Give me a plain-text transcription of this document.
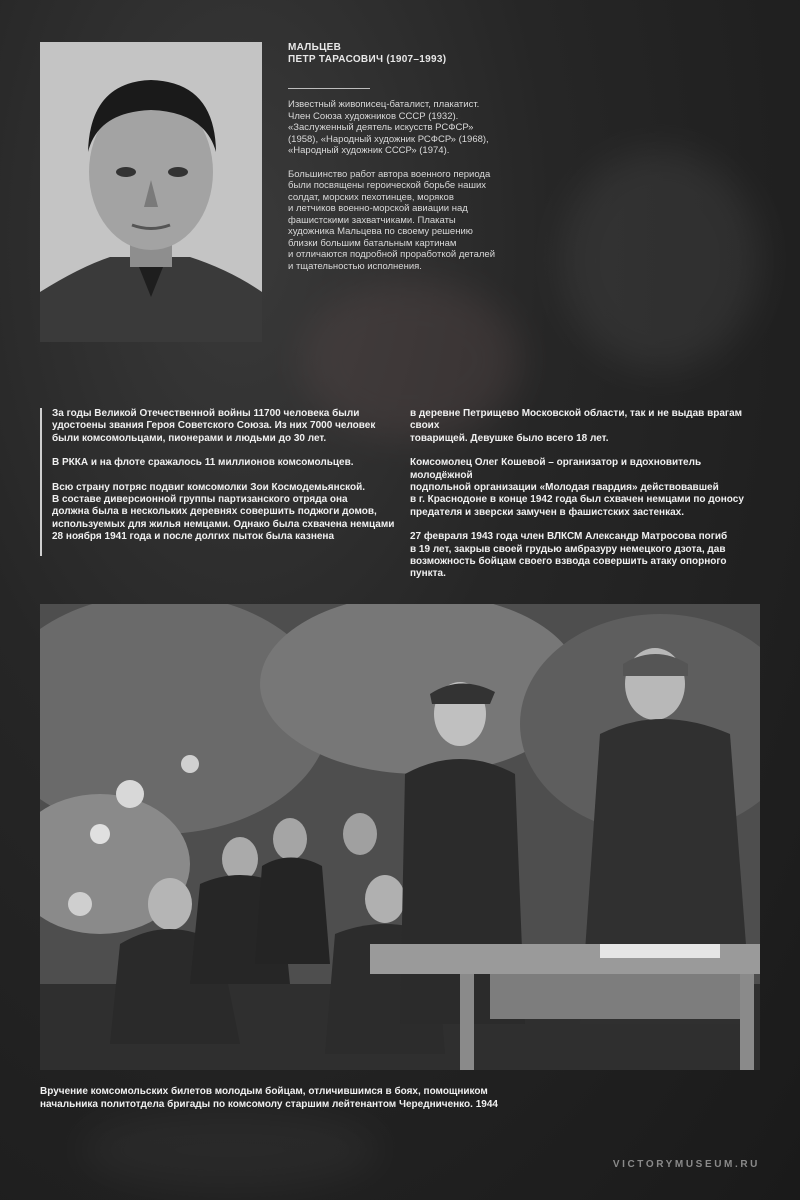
МАЛЬЦЕВ

ПЕТР ТАРАСОВИЧ (1907–1993)

Известный живописец-баталист, плакатист.
Член Союза художников СССР (1932).
«Заслуженный деятель искусств РСФСР»
(1958), «Народный художник РСФСР» (1968),
«Народный художник СССР» (1974).

Большинство работ автора военного периода
были посвящены героической борьбе наших
солдат, морских пехотинцев, моряков
и летчиков военно-морской авиации над
фашистскими захватчиками. Плакаты
художника Мальцева по своему решению
близки большим батальным картинам
и отличаются подробной проработкой деталей
и тщательностью исполнения.

За годы Великой Отечественной войны 11700 человека были
удостоены звания Героя Советского Союза. Из них 7000 человек
были комсомольцами, пионерами и людьми до 30 лет.

В РККА и на флоте сражалось 11 миллионов комсомольцев.

Всю страну потряс подвиг комсомолки Зои Космодемьянской.
В составе диверсионной группы партизанского отряда она
должна была в нескольких деревнях совершить поджоги домов,
используемых для жилья немцами. Однако была схвачена немцами
28 ноября 1941 года и после долгих пыток была казнена

в деревне Петрищево Московской области, так и не выдав врагам своих
товарищей. Девушке было всего 18 лет.

Комсомолец Олег Кошевой – организатор и вдохновитель молодёжной
подпольной организации «Молодая гвардия» действовавшей
в г. Краснодоне в конце 1942 года был схвачен немцами по доносу
предателя и зверски замучен в фашистских застенках.

27 февраля 1943 года член ВЛКСМ Александр Матросова погиб
в 19 лет, закрыв своей грудью амбразуру немецкого дзота, дав
возможность бойцам своего взвода совершить атаку опорного пункта.

Вручение комсомольских билетов молодым бойцам, отличившимся в боях, помощником
начальника политотдела бригады по комсомолу старшим лейтенантом Чередниченко. 1944

VICTORYMUSEUM.RU
